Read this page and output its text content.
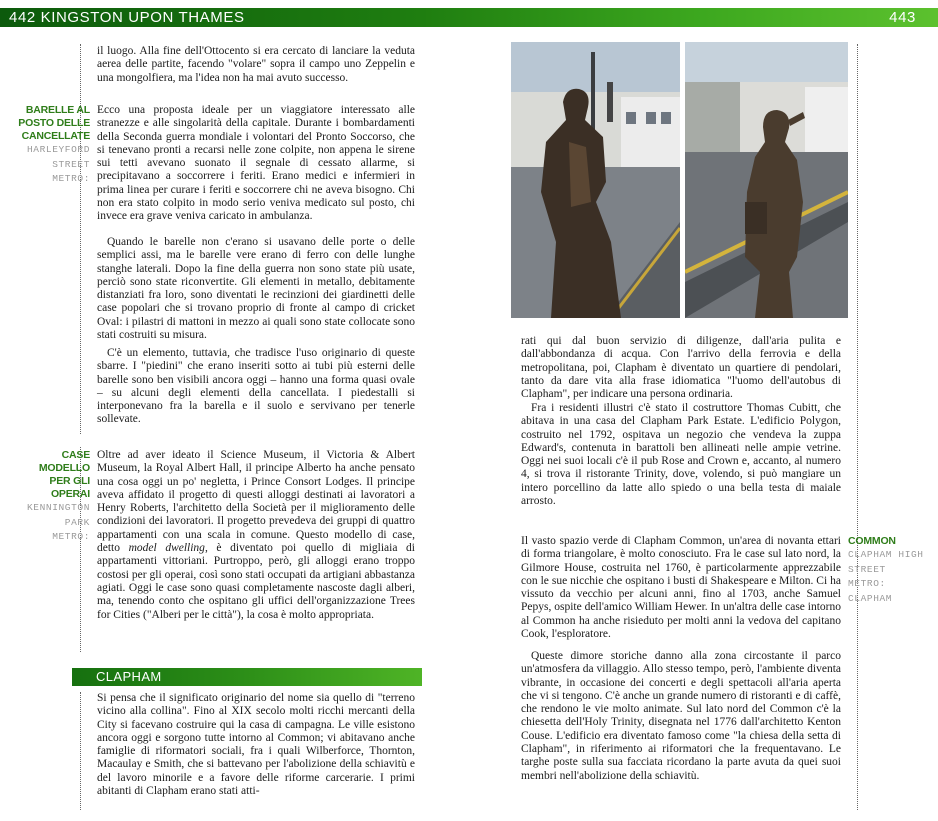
442 KINGSTON UPON THAMES	443

il luogo. Alla fine dell'Ottocento si era cercato di lanciare la veduta aerea delle partite, facendo "volare" sopra il campo uno Zeppelin e una mongolfiera, ma l'idea non ha mai avuto successo.

BARELLE AL POSTO DELLE CANCELLATE
HARLEYFORD STREET
METRO:

Ecco una proposta ideale per un viaggiatore interessato alle stranezze e alle singolarità della capitale. Durante i bombardamenti della Seconda guerra mondiale i volontari del Pronto Soccorso, che si tenevano pronti a recarsi nelle zone colpite, non appena le sirene sui tetti avevano suonato il segnale di cessato allarme, si precipitavano a soccorrere i feriti. Erano medici e infermieri in prima linea per curare i feriti e soccorrere chi ne aveva bisogno. Chi non era stato colpito in modo serio veniva medicato sul posto, chi invece era grave veniva caricato in ambulanza.

Quando le barelle non c'erano si usavano delle porte o delle semplici assi, ma le barelle vere erano di ferro con delle lunghe stanghe laterali. Dopo la fine della guerra non sono state più usate, perciò sono state riconvertite. Gli elementi in metallo, debitamente distanziati fra loro, sono diventati le recinzioni dei giardinetti delle case popolari che si trovano proprio di fronte al campo di cricket Oval: i pilastri di mattoni in mezzo ai quali sono state collocate sono stati costruiti su misura.

C'è un elemento, tuttavia, che tradisce l'uso originario di queste sbarre. I "piedini" che erano inseriti sotto ai tubi più esterni delle barelle sono ben visibili ancora oggi – hanno una forma quasi ovale – su alcuni degli elementi della cancellata. I piedestalli si interponevano fra la barella e il suolo e servivano per tenerle sollevate.

CASE MODELLO PER GLI OPERAI
KENNINGTON PARK
METRO:

Oltre ad aver ideato il Science Museum, il Victoria & Albert Museum, la Royal Albert Hall, il principe Alberto ha anche pensato una cosa oggi un po' negletta, i Prince Consort Lodges. Il principe aveva affidato il progetto di questi alloggi destinati ai lavoratori a Henry Roberts, l'architetto della Società per il miglioramento delle condizioni dei lavoratori. Il progetto prevedeva dei gruppi di quattro appartamenti con una scala in comune. Questo modello di case, detto model dwelling, è diventato poi quello di migliaia di appartamenti vittoriani. Purtroppo, però, gli alloggi erano troppo costosi per gli operai, così sono stati occupati da artigiani abbastanza agiati. Oggi le case sono quasi completamente nascoste dagli alberi, ma, tenendo conto che ospitano gli uffici dell'organizzazione Trees for Cities ("Alberi per le città"), la cosa è molto appropriata.

CLAPHAM

Si pensa che il significato originario del nome sia quello di "terreno vicino alla collina". Fino al XIX secolo molti ricchi mercanti della City si facevano costruire qui la casa di campagna. Le ville esistono ancora oggi e sorgono tutte intorno al Common; vi abitavano anche famiglie di riformatori sociali, fra i quali Wilberforce, Thornton, Macaulay e Smith, che si battevano per l'abolizione della schiavitù e del lavoro minorile e a favore delle riforme carcerarie. I primi abitanti di Clapham erano stati atti-

rati qui dal buon servizio di diligenze, dall'aria pulita e dall'abbondanza di acqua. Con l'arrivo della ferrovia e della metropolitana, poi, Clapham è diventato un quartiere di pendolari, tanto da dare vita alla frase idiomatica "l'uomo dell'autobus di Clapham", per indicare una persona ordinaria.

Fra i residenti illustri c'è stato il costruttore Thomas Cubitt, che abitava in una casa del Clapham Park Estate. L'edificio Polygon, costruito nel 1792, ospitava un negozio che vendeva la zuppa Edward's, contenuta in barattoli ben allineati nelle ampie vetrine. Oggi nei suoi locali c'è il pub Rose and Crown e, accanto, al numero 4, si trova il ristorante Trinity, dove, volendo, si può mangiare un intero porcellino da latte allo spiedo o una bella testa di maiale arrosto.

COMMON
CLAPHAM HIGH STREET
METRO:
CLAPHAM

Il vasto spazio verde di Clapham Common, un'area di novanta ettari di forma triangolare, è molto conosciuto. Fra le case sul lato nord, la Gilmore House, costruita nel 1760, è particolarmente apprezzabile con le sue nicchie che ospitano i busti di Shakespeare e Milton. Ci ha vissuto da vecchio per alcuni anni, fino al 1703, anche Samuel Pepys, ospite dell'amico William Hewer. In un'altra delle case intorno al Common ha anche risieduto per molti anni la vedova del capitano Cook, l'esploratore.

Queste dimore storiche danno alla zona circostante il parco un'atmosfera da villaggio. Allo stesso tempo, però, l'ambiente diventa vibrante, in occasione dei concerti e degli spettacoli all'aria aperta che vi si tengono. C'è anche un grande numero di ristoranti e di caffè, che rendono le vie molto animate. Sul lato nord del Common c'è la chiesetta dell'Holy Trinity, disegnata nel 1776 dall'architetto Kenton Couse. L'edificio era diventato famoso come "la chiesa della setta di Clapham", in riferimento ai riformatori che la frequentavano. Le targhe poste sulla sua facciata ricordano la parte avuta da quei suoi membri nell'abolizione della schiavitù.
